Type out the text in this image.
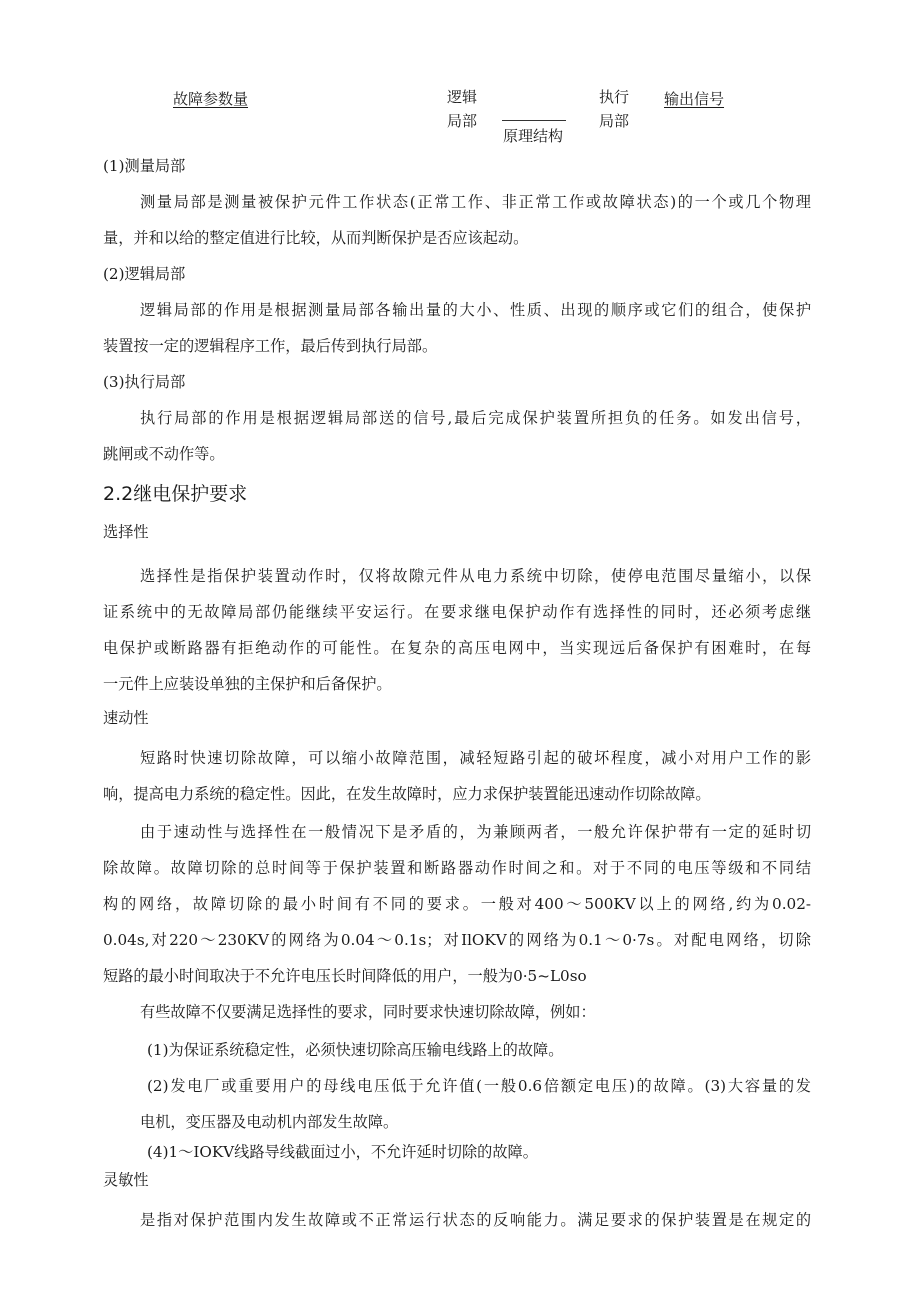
故障参数量	逻辑
局部
原理结构
执行
局部
输出信号
(1)测量局部
测量局部是测量被保护元件工作状态(正常工作、非正常工作或故障状态)的一个或几个物理
量，并和以给的整定值进行比较，从而判断保护是否应该起动。
(2)逻辑局部
逻辑局部的作用是根据测量局部各输出量的大小、性质、出现的顺序或它们的组合，使保护
装置按一定的逻辑程序工作，最后传到执行局部。
(3)执行局部
执行局部的作用是根据逻辑局部送的信号,最后完成保护装置所担负的任务。如发出信号，
跳闸或不动作等。
2.2继电保护要求
选择性
选择性是指保护装置动作时，仅将故隙元件从电力系统中切除，使停电范围尽量缩小，以保
证系统中的无故障局部仍能继续平安运行。在要求继电保护动作有选择性的同时，还必须考虑继
电保护或断路器有拒绝动作的可能性。在复杂的高压电网中，当实现远后备保护有困难时，在每
一元件上应装设单独的主保护和后备保护。
速动性
短路时快速切除故障，可以缩小故障范围，减轻短路引起的破坏程度，减小对用户工作的影
响，提高电力系统的稳定性。因此，在发生故障时，应力求保护装置能迅速动作切除故障。
由于速动性与选择性在一般情况下是矛盾的，为兼顾两者，一般允许保护带有一定的延时切
除故障。故障切除的总时间等于保护装置和断路器动作时间之和。对于不同的电压等级和不同结
构的网络，故障切除的最小时间有不同的要求。一般对400〜500KV以上的网络,约为0.02-
0.04s,对220〜230KV的网络为0.04〜0.1s；对IlOKV的网络为0.1〜0·7s。对配电网络，切除
短路的最小时间取决于不允许电压长时间降低的用户，一般为0·5~L0so
有些故障不仅要满足选择性的要求，同时要求快速切除故障，例如：
(1)为保证系统稳定性，必须快速切除高压输电线路上的故障。
(2)发电厂或重要用户的母线电压低于允许值(一般0.6倍额定电压)的故障。(3)大容量的发
电机，变压器及电动机内部发生故障。
(4)1〜IOKV线路导线截面过小，不允许延时切除的故障。
灵敏性
是指对保护范围内发生故障或不正常运行状态的反响能力。满足要求的保护装置是在规定的
